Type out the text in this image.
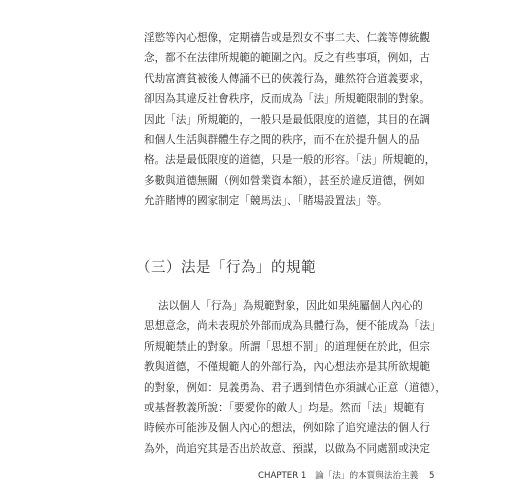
淫慾等內心想像，定期禱告或是烈女不事二夫、仁義等傳統觀
念，都不在法律所規範的範圍之內。反之有些事項，例如，古
代劫富濟貧被後人傳誦不已的俠義行為，雖然符合道義要求，
卻因為其違反社會秩序，反而成為「法」所規範限制的對象。
因此「法」所規範的，一般只是最低限度的道德，其目的在調
和個人生活與群體生存之間的秩序，而不在於提升個人的品
格。法是最低限度的道德，只是一般的形容。「法」所規範的，
多數與道德無關（例如營業資本額），甚至於違反道德，例如
允許賭博的國家制定「競馬法」、「賭場設置法」等。

（三）法是「行為」的規範

法以個人「行為」為規範對象，因此如果純屬個人內心的
思想意念，尚未表現於外部而成為具體行為，便不能成為「法」
所規範禁止的對象。所謂「思想不罰」的道理便在於此，但宗
教與道德，不僅規範人的外部行為，內心想法亦是其所欲規範
的對象，例如：見義勇為、君子遇到情色亦須誠心正意（道德），
或基督教義所說：「要愛你的敵人」均是。然而「法」規範有
時候亦可能涉及個人內心的想法，例如除了追究違法的個人行
為外，尚追究其是否出於故意、預謀，以做為不同處罰或決定

CHAPTER 1 論「法」的本質與法治主義 5
